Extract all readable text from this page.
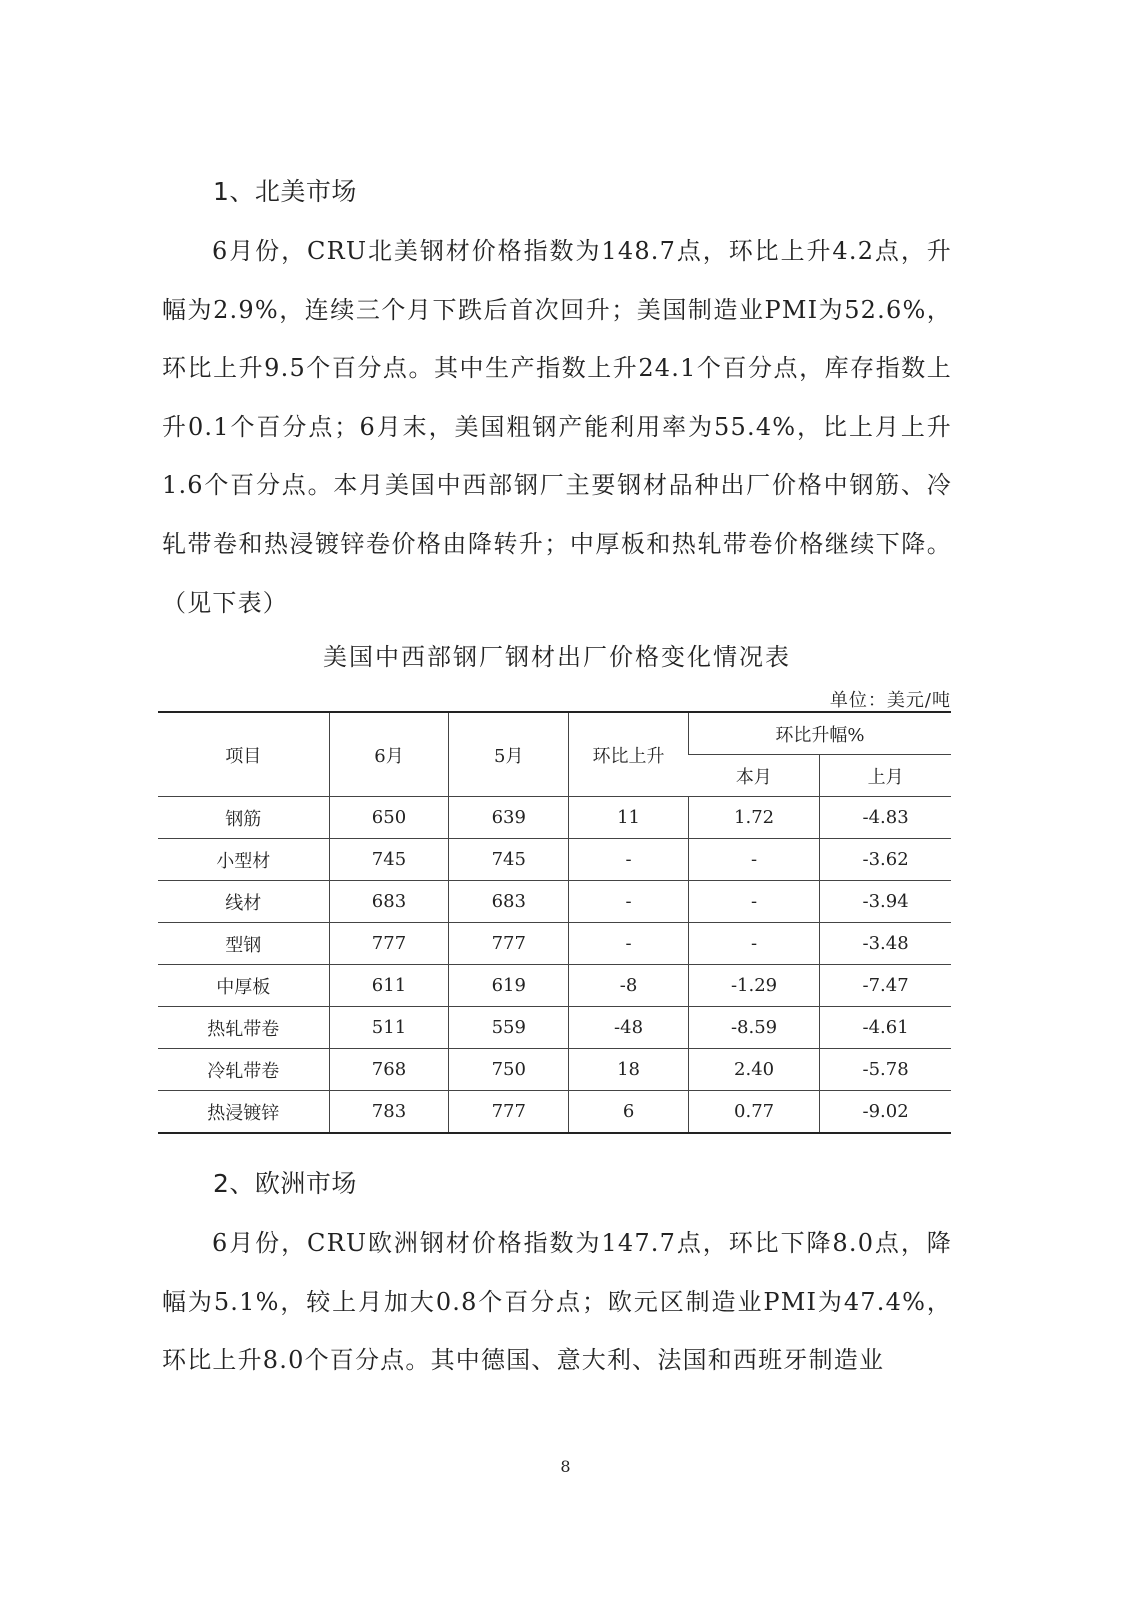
1、北美市场

6月份，CRU北美钢材价格指数为148.7点，环比上升4.2点，升幅为2.9%，连续三个月下跌后首次回升；美国制造业PMI为52.6%，环比上升9.5个百分点。其中生产指数上升24.1个百分点，库存指数上升0.1个百分点；6月末，美国粗钢产能利用率为55.4%，比上月上升1.6个百分点。本月美国中西部钢厂主要钢材品种出厂价格中钢筋、冷轧带卷和热浸镀锌卷价格由降转升；中厚板和热轧带卷价格继续下降。（见下表）

美国中西部钢厂钢材出厂价格变化情况表
单位：美元/吨
项目	6月	5月	环比上升	环比升幅%	
				本月	上月
钢筋	650	639	11	1.72	-4.83
小型材	745	745	-	-	-3.62
线材	683	683	-	-	-3.94
型钢	777	777	-	-	-3.48
中厚板	611	619	-8	-1.29	-7.47
热轧带卷	511	559	-48	-8.59	-4.61
冷轧带卷	768	750	18	2.40	-5.78
热浸镀锌	783	777	6	0.77	-9.02
2、欧洲市场

6月份，CRU欧洲钢材价格指数为147.7点，环比下降8.0点，降幅为5.1%，较上月加大0.8个百分点；欧元区制造业PMI为47.4%，环比上升8.0个百分点。其中德国、意大利、法国和西班牙制造业

8
